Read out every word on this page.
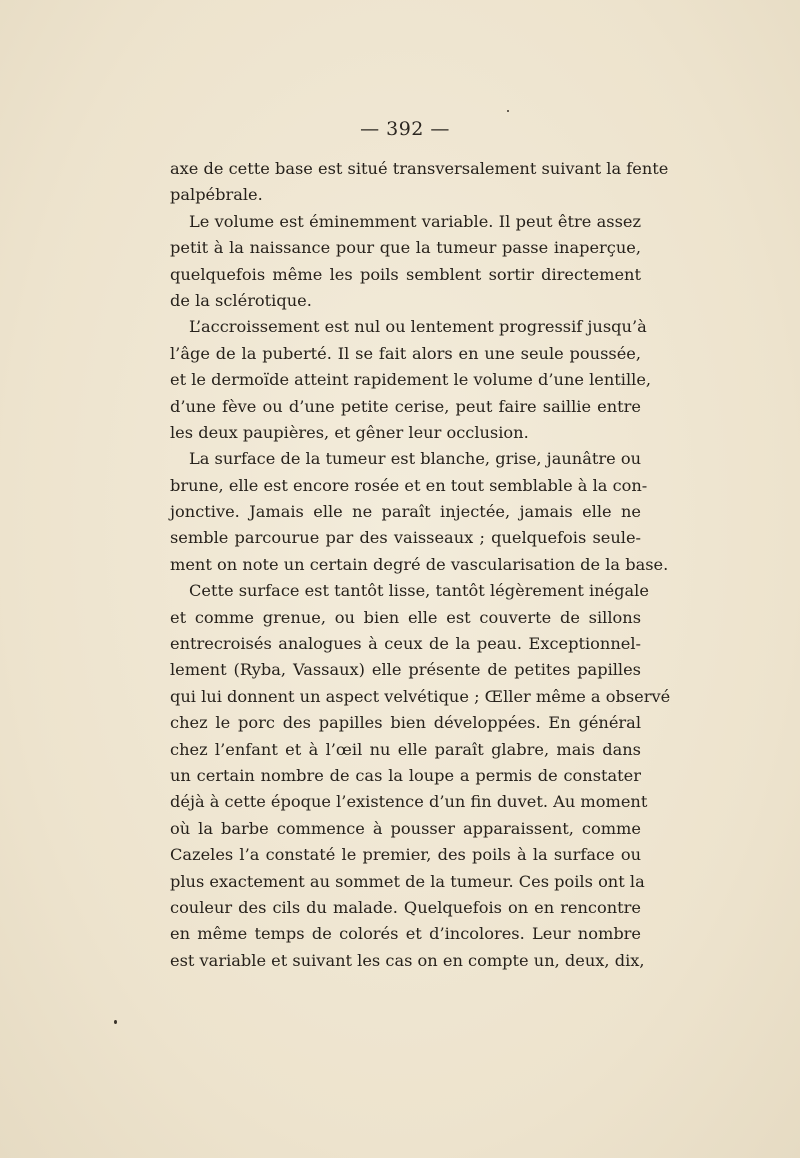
— 392 —
axe de cette base est situé transversalement suivant la fente
palpébrale.
Le volume est éminemment variable. Il peut être assez
petit à la naissance pour que la tumeur passe inaperçue,
quelquefois même les poils semblent sortir directement
de la sclérotique.
L’accroissement est nul ou lentement progressif jusqu’à
l’âge de la puberté. Il se fait alors en une seule poussée,
et le dermoïde atteint rapidement le volume d’une lentille,
d’une fève ou d’une petite cerise, peut faire saillie entre
les deux paupières, et gêner leur occlusion.
La surface de la tumeur est blanche, grise, jaunâtre ou
brune, elle est encore rosée et en tout semblable à la con-
jonctive. Jamais elle ne paraît injectée, jamais elle ne
semble parcourue par des vaisseaux ; quelquefois seule-
ment on note un certain degré de vascularisation de la base.
Cette surface est tantôt lisse, tantôt légèrement inégale
et comme grenue, ou bien elle est couverte de sillons
entrecroisés analogues à ceux de la peau. Exceptionnel-
lement (Ryba, Vassaux) elle présente de petites papilles
qui lui donnent un aspect velvétique ; Œller même a observé
chez le porc des papilles bien développées. En général
chez l’enfant et à l’œil nu elle paraît glabre, mais dans
un certain nombre de cas la loupe a permis de constater
déjà à cette époque l’existence d’un fin duvet. Au moment
où la barbe commence à pousser apparaissent, comme
Cazeles l’a constaté le premier, des poils à la surface ou
plus exactement au sommet de la tumeur. Ces poils ont la
couleur des cils du malade. Quelquefois on en rencontre
en même temps de colorés et d’incolores. Leur nombre
est variable et suivant les cas on en compte un, deux, dix,
